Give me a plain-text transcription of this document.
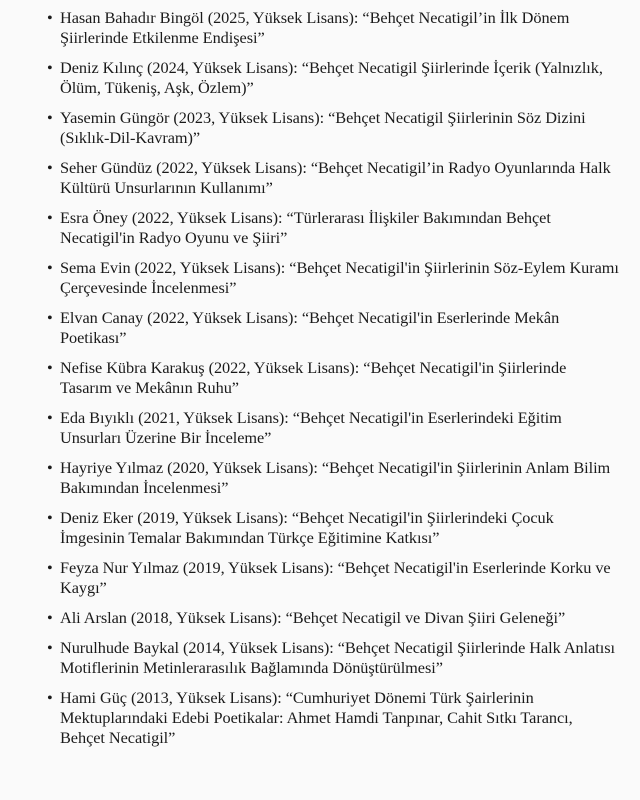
• Hasan Bahadır Bingöl (2025, Yüksek Lisans): “Behçet Necatigil’in İlk Dönem Şiirlerinde Etkilenme Endişesi”
• Deniz Kılınç (2024, Yüksek Lisans): “Behçet Necatigil Şiirlerinde İçerik (Yalnızlık, Ölüm, Tükeniş, Aşk, Özlem)”
• Yasemin Güngör (2023, Yüksek Lisans): “Behçet Necatigil Şiirlerinin Söz Dizini (Sıklık-Dil-Kavram)”
• Seher Gündüz (2022, Yüksek Lisans): “Behçet Necatigil’in Radyo Oyunlarında Halk Kültürü Unsurlarının Kullanımı”
• Esra Öney (2022, Yüksek Lisans): “Türlerarası İlişkiler Bakımından Behçet Necatigil'in Radyo Oyunu ve Şiiri”
• Sema Evin (2022, Yüksek Lisans): “Behçet Necatigil'in Şiirlerinin Söz-Eylem Kuramı Çerçevesinde İncelenmesi”
• Elvan Canay (2022, Yüksek Lisans): “Behçet Necatigil'in Eserlerinde Mekân Poetikası”
• Nefise Kübra Karakuş (2022, Yüksek Lisans): “Behçet Necatigil'in Şiirlerinde Tasarım ve Mekânın Ruhu”
• Eda Bıyıklı (2021, Yüksek Lisans): “Behçet Necatigil'in Eserlerindeki Eğitim Unsurları Üzerine Bir İnceleme”
• Hayriye Yılmaz (2020, Yüksek Lisans): “Behçet Necatigil'in Şiirlerinin Anlam Bilim Bakımından İncelenmesi”
• Deniz Eker (2019, Yüksek Lisans): “Behçet Necatigil'in Şiirlerindeki Çocuk İmgesinin Temalar Bakımından Türkçe Eğitimine Katkısı”
• Feyza Nur Yılmaz (2019, Yüksek Lisans): “Behçet Necatigil'in Eserlerinde Korku ve Kaygı”
• Ali Arslan (2018, Yüksek Lisans): “Behçet Necatigil ve Divan Şiiri Geleneği”
• Nurulhude Baykal (2014, Yüksek Lisans): “Behçet Necatigil Şiirlerinde Halk Anlatısı Motiflerinin Metinlerarasılık Bağlamında Dönüştürülmesi”
• Hami Güç (2013, Yüksek Lisans): “Cumhuriyet Dönemi Türk Şairlerinin Mektuplarındaki Edebi Poetikalar: Ahmet Hamdi Tanpınar, Cahit Sıtkı Tarancı, Behçet Necatigil”
